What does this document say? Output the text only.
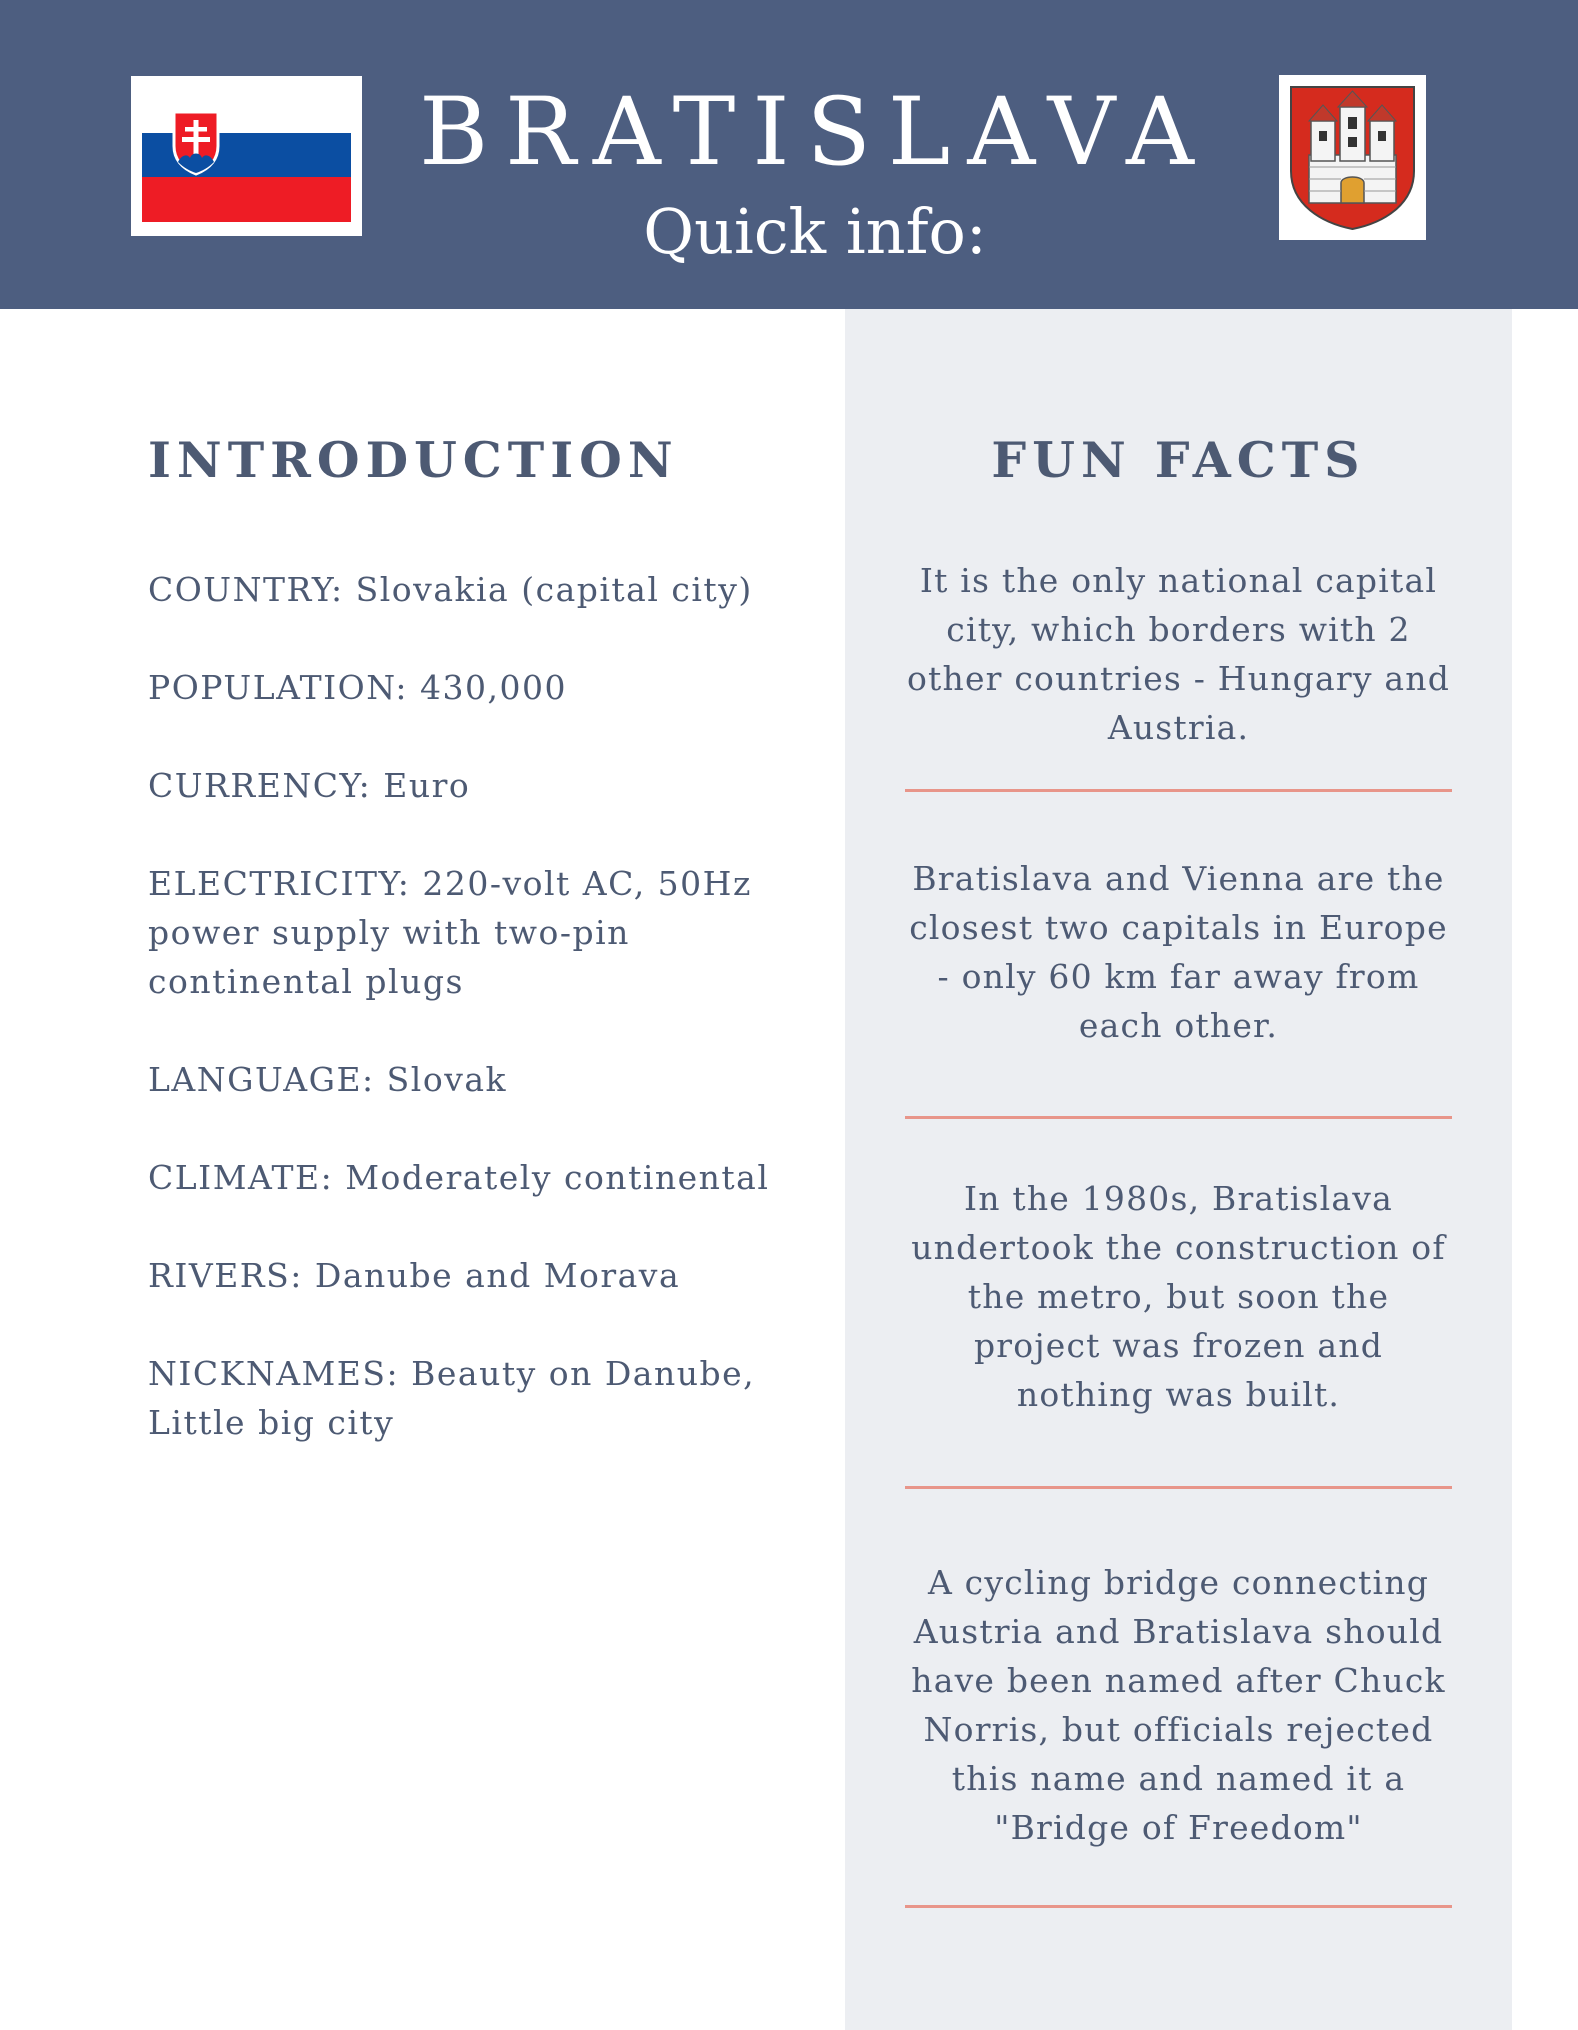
BRATISLAVA
Quick info:
INTRODUCTION	FUN FACTS

COUNTRY: Slovakia (capital city)

POPULATION: 430,000

CURRENCY: Euro

ELECTRICITY: 220-volt AC, 50Hz power supply with two-pin continental plugs

LANGUAGE: Slovak

CLIMATE: Moderately continental

RIVERS: Danube and Morava

NICKNAMES: Beauty on Danube, Little big city

It is the only national capital city, which borders with 2 other countries - Hungary and Austria.
Bratislava and Vienna are the closest two capitals in Europe - only 60 km far away from each other.
In the 1980s, Bratislava undertook the construction of the metro, but soon the project was frozen and nothing was built.
A cycling bridge connecting Austria and Bratislava should have been named after Chuck Norris, but officials rejected this name and named it a "Bridge of Freedom"
